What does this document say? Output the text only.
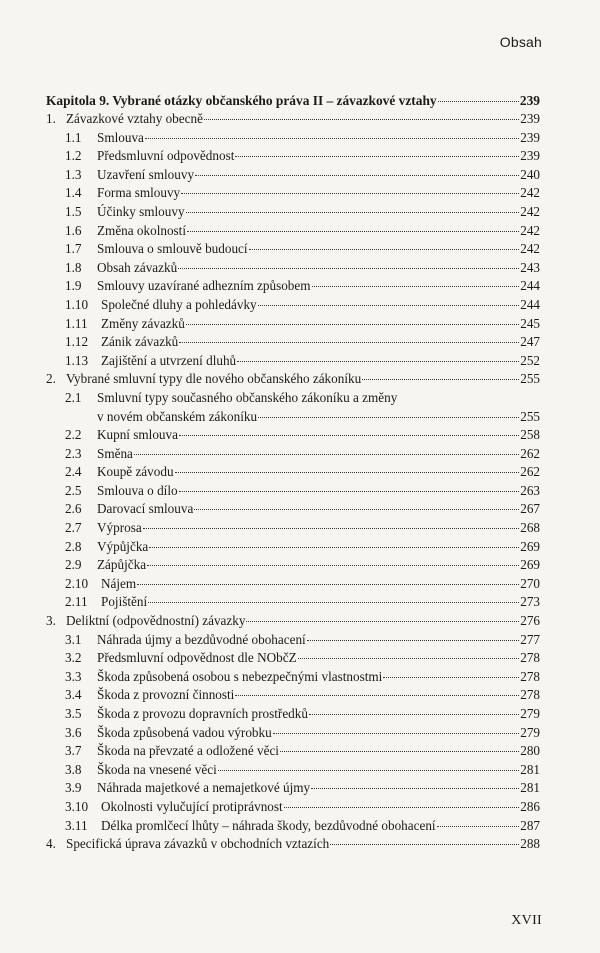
Obsah
Kapitola 9. Vybrané otázky občanského práva II – závazkové vztahy	239
1. Závazkové vztahy obecně	239
1.1	Smlouva	239
1.2	Předsmluvní odpovědnost	239
1.3	Uzavření smlouvy	240
1.4	Forma smlouvy	242
1.5	Účinky smlouvy	242
1.6	Změna okolností	242
1.7	Smlouva o smlouvě budoucí	242
1.8	Obsah závazků	243
1.9	Smlouvy uzavírané adhezním způsobem	244
1.10 Společné dluhy a pohledávky	244
1.11	Změny závazků	245
1.12 Zánik závazků	247
1.13 Zajištění a utvrzení dluhů	252
2. Vybrané smluvní typy dle nového občanského zákoníku	255
2.1	Smluvní typy současného občanského zákoníku a změny
v novém občanském zákoníku	255
2.2	Kupní smlouva	258
2.3	Směna	262
2.4	Koupě závodu	262
2.5	Smlouva o dílo	263
2.6	Darovací smlouva	267
2.7	Výprosa	268
2.8	Výpůjčka	269
2.9	Zápůjčka	269
2.10 Nájem	270
2.11	Pojištění	273
3. Deliktní (odpovědnostní) závazky	276
3.1	Náhrada újmy a bezdůvodné obohacení	277
3.2	Předsmluvní odpovědnost dle NObčZ	278
3.3	Škoda způsobená osobou s nebezpečnými vlastnostmi	278
3.4	Škoda z provozní činnosti	278
3.5	Škoda z provozu dopravních prostředků	279
3.6	Škoda způsobená vadou výrobku	279
3.7	Škoda na převzaté a odložené věci	280
3.8	Škoda na vnesené věci	281
3.9	Náhrada majetkové a nemajetkové újmy	281
3.10 Okolnosti vylučující protiprávnost	286
3.11	Délka promlčecí lhůty – náhrada škody, bezdůvodné obohacení	287
4. Specifická úprava závazků v obchodních vztazích	288
XVII
